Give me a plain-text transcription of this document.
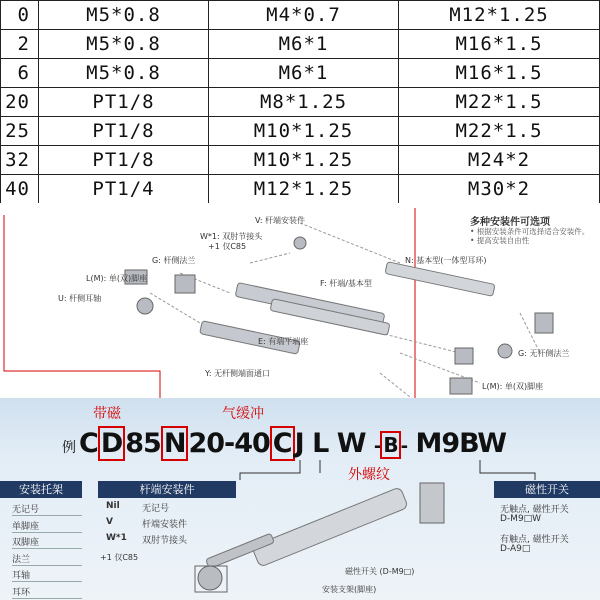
0	M5*0.8	M4*0.7	M12*1.25
2	M5*0.8	M6*1	M16*1.5
6	M5*0.8	M6*1	M16*1.5
20	PT1/8	M8*1.25	M22*1.5
25	PT1/8	M10*1.25	M22*1.5
32	PT1/8	M10*1.25	M24*2
40	PT1/4	M12*1.25	M30*2
多种安装件可选项
• 根据安装条件可选择适合安装件。
• 提高安装自由性
V: 杆端安装件
W*1: 双肘节接头
+1 仅C85
G: 杆侧法兰
L(M): 单(双)脚座
U: 杆侧耳轴
F: 杆端/基本型
N: 基本型(一体型耳环)
E: 有端平端座
Y: 无杆侧端面通口
G: 无杆侧法兰
L(M): 单(双)脚座
带磁	气缓冲
外螺纹
例 C D 85 N 20-40 C J L W - B - M9BW
安装托架
无记号
单脚座
双脚座
法兰
耳轴
耳环
杆端安装件
Nil 无记号
V	杆端安装件
W*1 双肘节接头
+1 仅C85
磁性开关
无触点, 磁性开关
D-M9□W
有触点, 磁性开关
D-A9□
磁性开关 (D-M9□)
安装支架(脚座)
